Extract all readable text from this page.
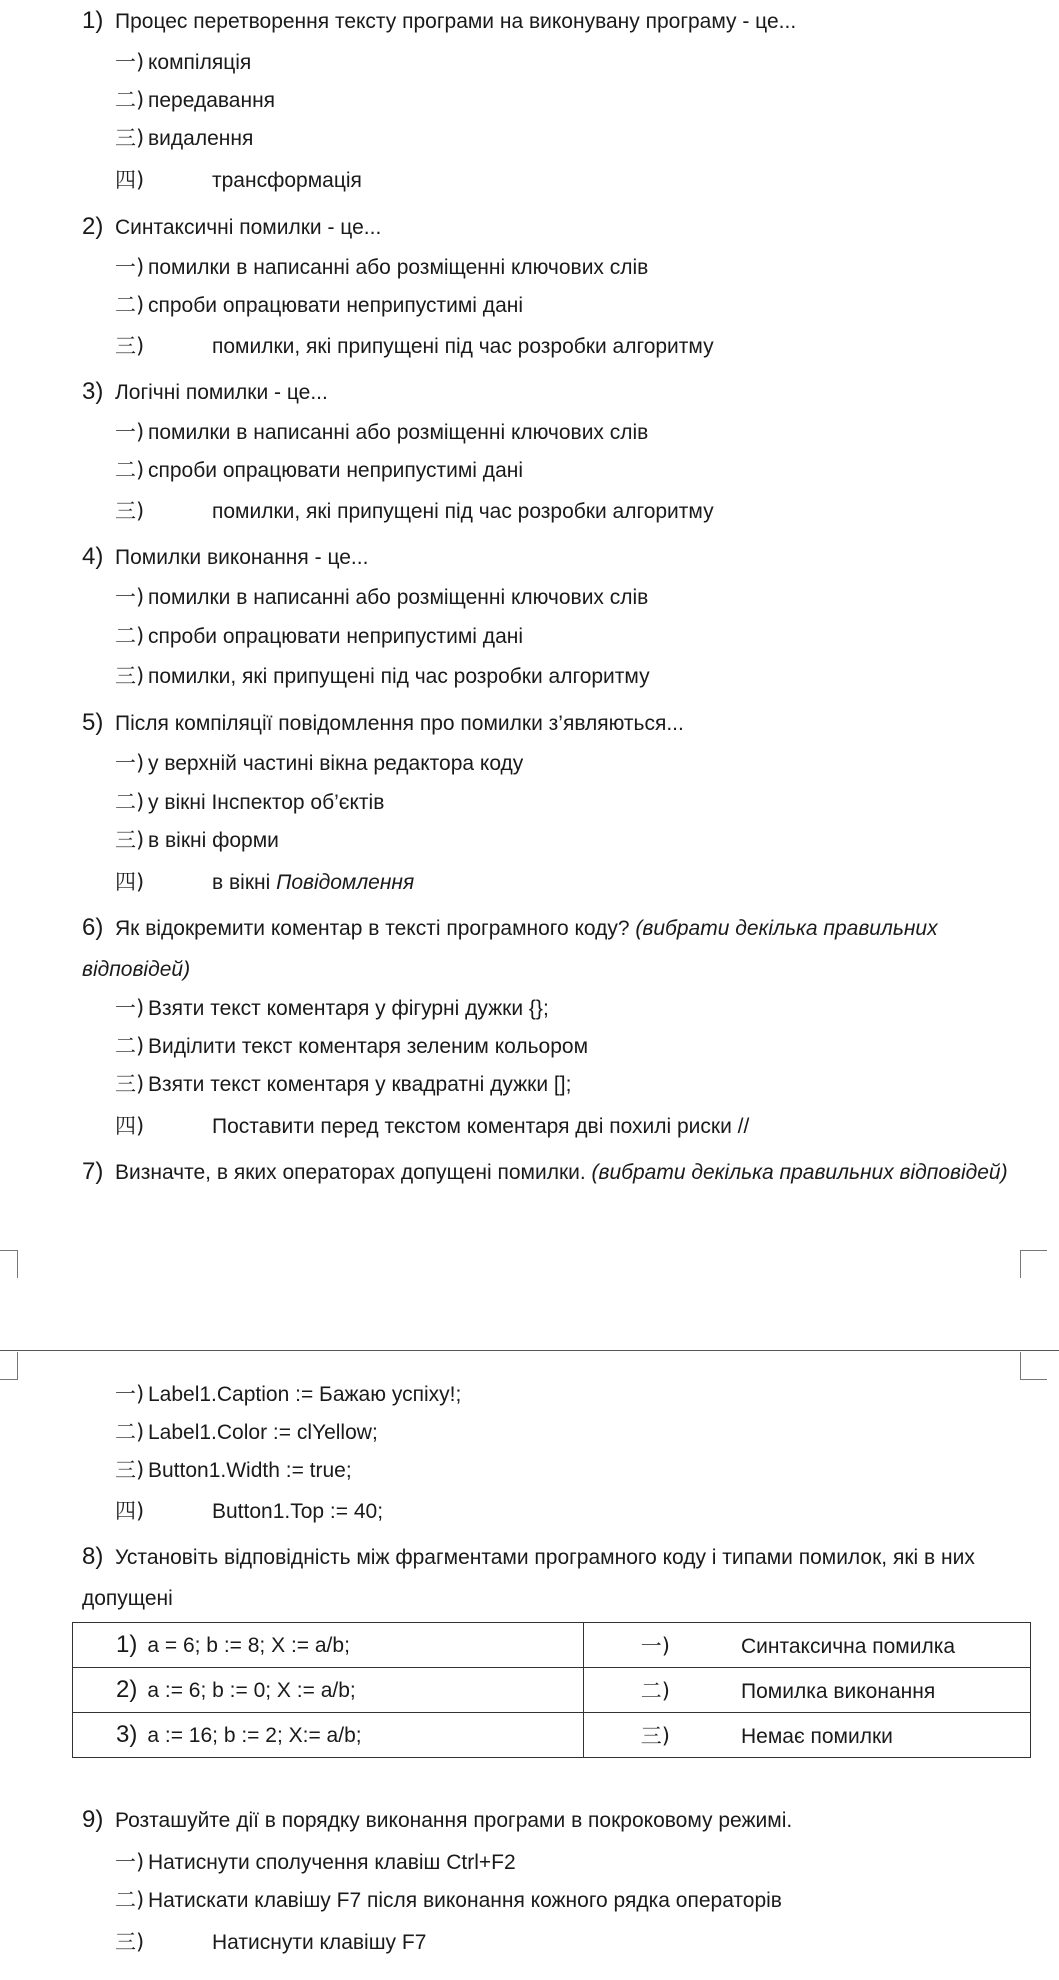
1) Процес перетворення тексту програми на виконувану програму - це...
一) компіляція
二) передавання
三) видалення
四)	трансформація
2) Синтаксичні помилки - це...
一) помилки в написанні або розміщенні ключових слів
二) спроби опрацювати неприпустимі дані
三)	помилки, які припущені під час розробки алгоритму
3) Логічні помилки - це...
一) помилки в написанні або розміщенні ключових слів
二) спроби опрацювати неприпустимі дані
三)	помилки, які припущені під час розробки алгоритму
4) Помилки виконання - це...
一) помилки в написанні або розміщенні ключових слів
二) спроби опрацювати неприпустимі дані
三) помилки, які припущені під час розробки алгоритму
5) Після компіляції повідомлення про помилки з’являються...
一) у верхній частині вікна редактора коду
二) у вікні Інспектор об’єктів
三) в вікні форми
四)	в вікні Повідомлення
6) Як відокремити коментар в тексті програмного коду? (вибрати декілька правильних відповідей)
一) Взяти текст коментаря у фігурні дужки {};
二) Виділити текст коментаря зеленим кольором
三) Взяти текст коментаря у квадратні дужки [];
四)	Поставити перед текстом коментаря дві похилі риски //
7) Визначте, в яких операторах допущені помилки. (вибрати декілька правильних відповідей)
一) Label1.Caption := Бажаю успіху!;
二) Label1.Color := clYellow;
三) Button1.Width := true;
四)	Button1.Top := 40;
8) Установіть відповідність між фрагментами програмного коду і типами помилок, які в них допущені
1) a = 6; b := 8; X := a/b;	一) Синтаксична помилка
2) a := 6; b := 0; X := a/b;	二) Помилка виконання
3) a := 16; b := 2; X:= a/b;	三) Немає помилки
9) Розташуйте дії в порядку виконання програми в покроковому режимі.
一) Натиснути сполучення клавіш Ctrl+F2
二) Натискати клавішу F7 після виконання кожного рядка операторів
三)	Натиснути клавішу F7
